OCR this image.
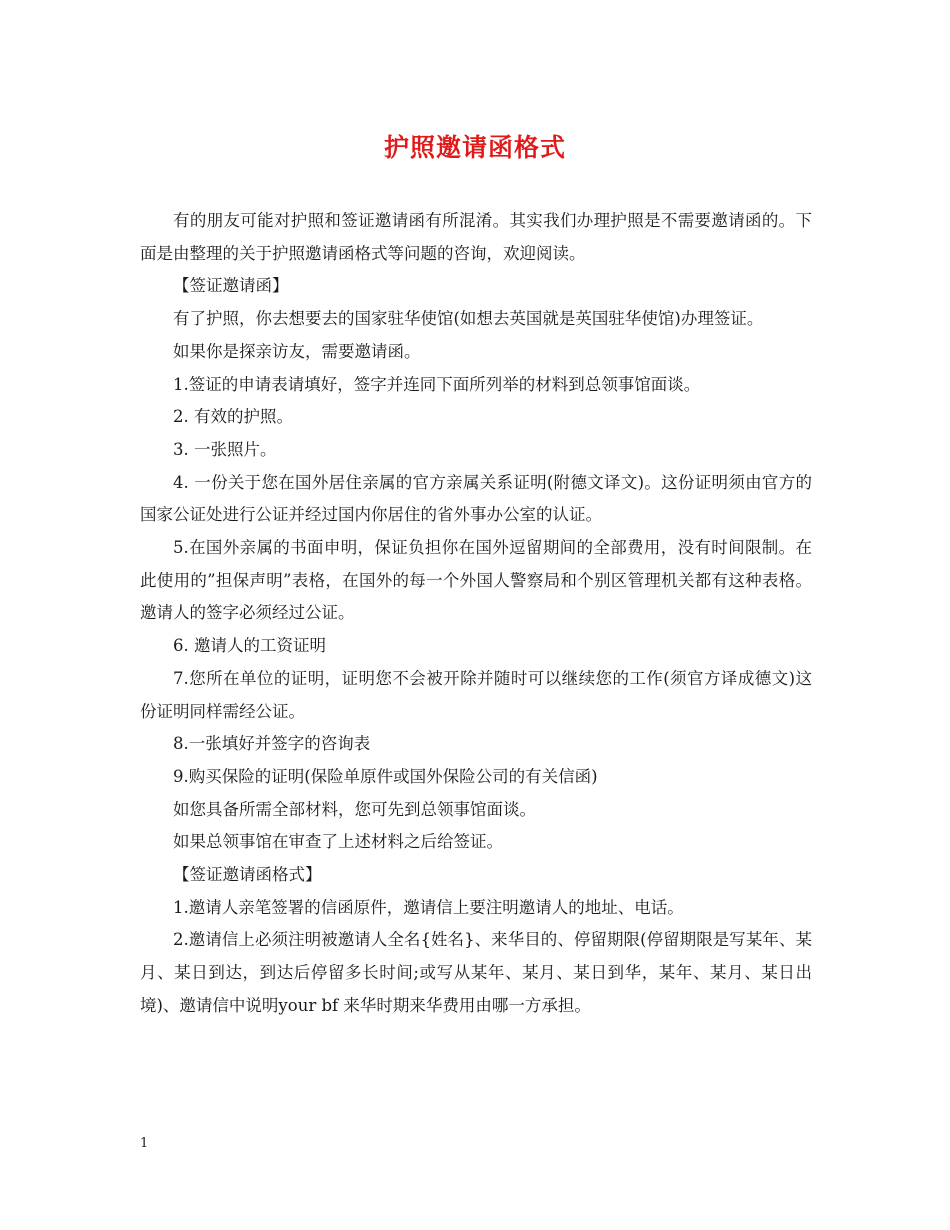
护照邀请函格式

有的朋友可能对护照和签证邀请函有所混淆。其实我们办理护照是不需要邀请函的。下面是由整理的关于护照邀请函格式等问题的咨询，欢迎阅读。

【签证邀请函】

有了护照，你去想要去的国家驻华使馆(如想去英国就是英国驻华使馆)办理签证。

如果你是探亲访友，需要邀请函。

1.签证的申请表请填好，签字并连同下面所列举的材料到总领事馆面谈。

2. 有效的护照。

3. 一张照片。

4. 一份关于您在国外居住亲属的官方亲属关系证明(附德文译文)。这份证明须由官方的国家公证处进行公证并经过国内你居住的省外事办公室的认证。

5.在国外亲属的书面申明，保证负担你在国外逗留期间的全部费用，没有时间限制。在此使用的”担保声明”表格，在国外的每一个外国人警察局和个别区管理机关都有这种表格。邀请人的签字必须经过公证。

6. 邀请人的工资证明

7.您所在单位的证明，证明您不会被开除并随时可以继续您的工作(须官方译成德文)这份证明同样需经公证。

8.一张填好并签字的咨询表

9.购买保险的证明(保险单原件或国外保险公司的有关信函)

如您具备所需全部材料，您可先到总领事馆面谈。

如果总领事馆在审查了上述材料之后给签证。

【签证邀请函格式】

1.邀请人亲笔签署的信函原件，邀请信上要注明邀请人的地址、电话。

2.邀请信上必须注明被邀请人全名{姓名}、来华目的、停留期限(停留期限是写某年、某月、某日到达，到达后停留多长时间;或写从某年、某月、某日到华，某年、某月、某日出境)、邀请信中说明your bf 来华时期来华费用由哪一方承担。

1
